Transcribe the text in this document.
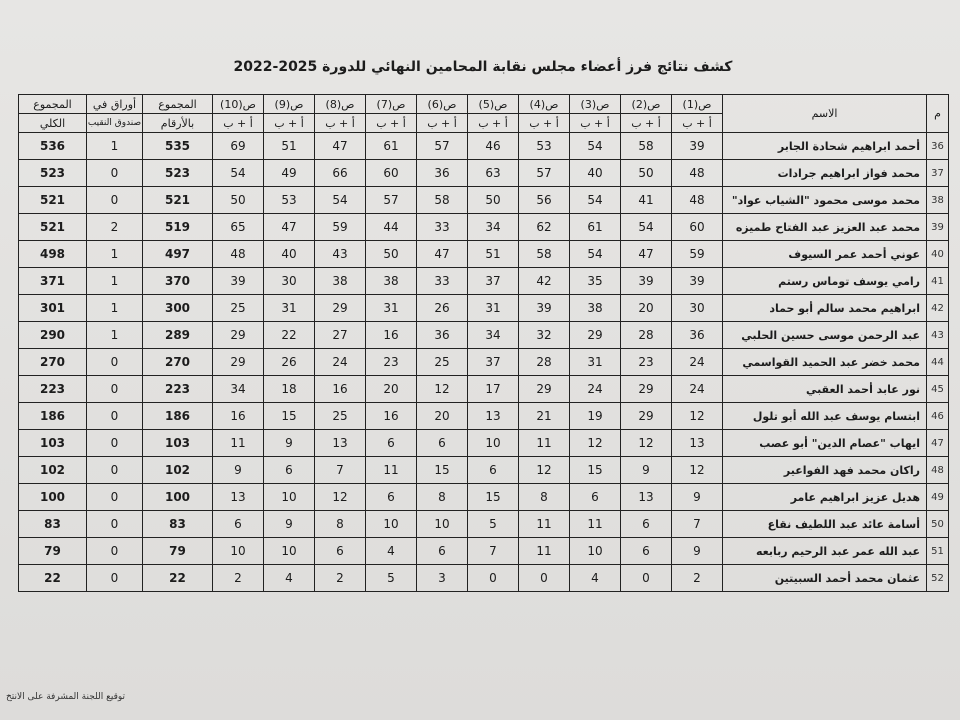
كشف نتائج فرز أعضاء مجلس نقابة المحامين النهائي للدورة 2025-2022
م	الاسم	ص(1)	ص(2)	ص(3)	ص(4)	ص(5)	ص(6)	ص(7)	ص(8)	ص(9)	ص(10)	المجموع	أوراق في	المجموع
		أ + ب	أ + ب	أ + ب	أ + ب	أ + ب	أ + ب	أ + ب	أ + ب	أ + ب	أ + ب	بالأرقام	صندوق النقيب	الكلي
36	أحمد ابراهيم شحادة الجابر	39	58	54	53	46	57	61	47	51	69	535	1	536
37	محمد فواز ابراهيم جرادات	48	50	40	57	63	36	60	66	49	54	523	0	523
38	محمد موسى محمود "الشياب عواد"	48	41	54	56	50	58	57	54	53	50	521	0	521
39	محمد عبد العزيز عبد الفتاح طميزه	60	54	61	62	34	33	44	59	47	65	519	2	521
40	عوني أحمد عمر السيوف	59	47	54	58	51	47	50	43	40	48	497	1	498
41	رامي يوسف توماس رستم	39	39	35	42	37	33	38	38	30	39	370	1	371
42	ابراهيم محمد سالم أبو حماد	30	20	38	39	31	26	31	29	31	25	300	1	301
43	عبد الرحمن موسى حسين الحلبي	36	28	29	32	34	36	16	27	22	29	289	1	290
44	محمد خضر عبد الحميد القواسمي	24	23	31	28	37	25	23	24	26	29	270	0	270
45	نور عابد أحمد العقبي	24	29	24	29	17	12	20	16	18	34	223	0	223
46	ابتسام يوسف عبد الله أبو تلول	12	29	19	21	13	20	16	25	15	16	186	0	186
47	ايهاب "عصام الدين" أبو عصب	13	12	12	11	10	6	6	13	9	11	103	0	103
48	راكان محمد فهد الفواعير	12	9	15	12	6	15	11	7	6	9	102	0	102
49	هديل عزيز ابراهيم عامر	9	13	6	8	15	8	6	12	10	13	100	0	100
50	أسامة عائد عبد اللطيف نقاع	7	6	11	11	5	10	10	8	9	6	83	0	83
51	عبد الله عمر عبد الرحيم ربابعه	9	6	10	11	7	6	4	6	10	10	79	0	79
52	عثمان محمد أحمد السبيتين	2	0	4	0	0	3	5	2	4	2	22	0	22
توقيع اللجنة المشرفة على الانتخ
